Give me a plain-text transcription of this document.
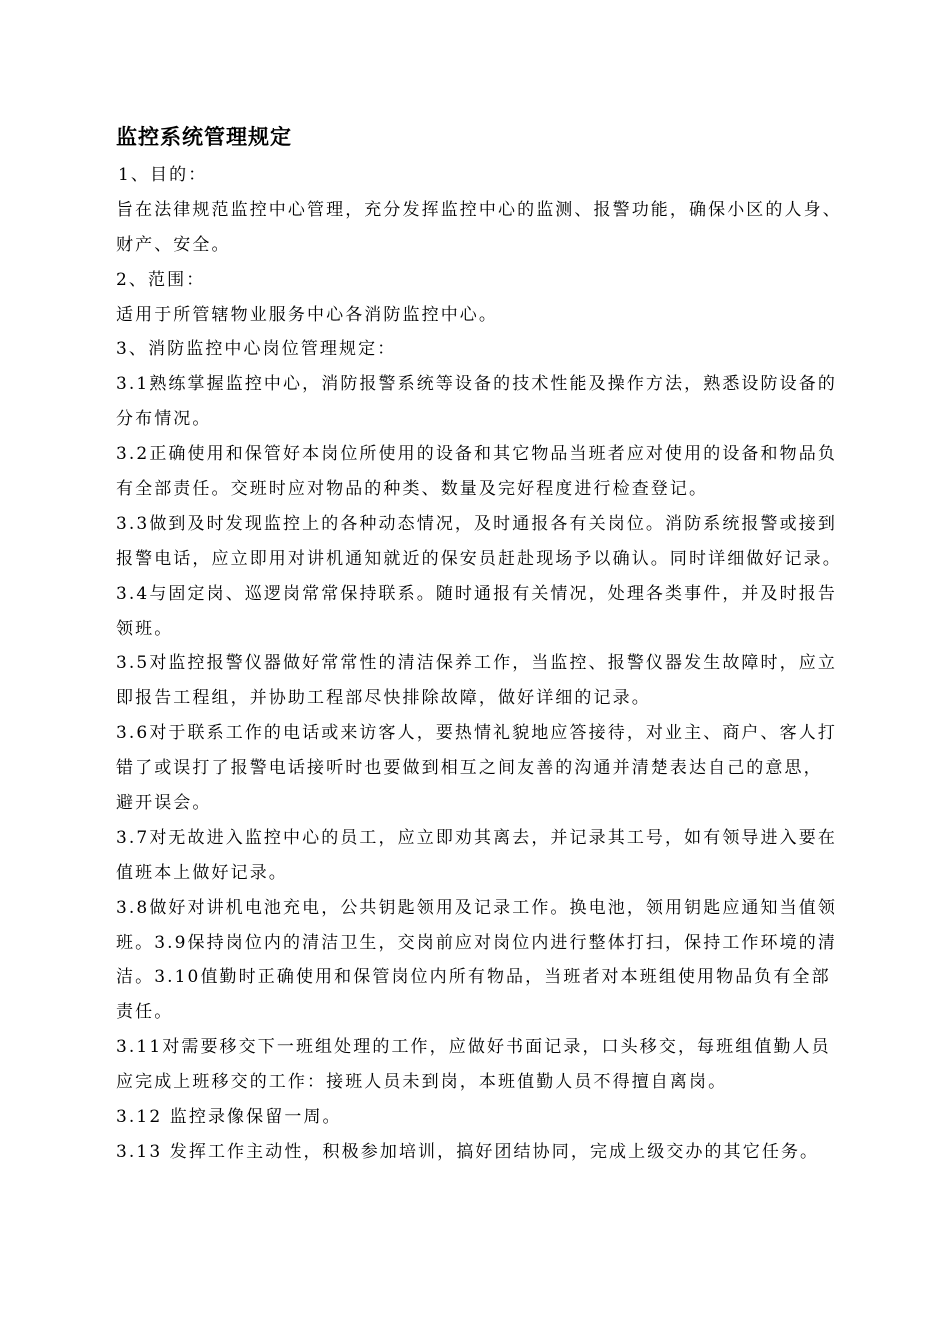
监控系统管理规定
1、目的：
旨在法律规范监控中心管理，充分发挥监控中心的监测、报警功能，确保小区的人身、
财产、安全。
2、范围：
适用于所管辖物业服务中心各消防监控中心。
3、消防监控中心岗位管理规定：
3.1熟练掌握监控中心，消防报警系统等设备的技术性能及操作方法，熟悉设防设备的
分布情况。
3.2正确使用和保管好本岗位所使用的设备和其它物品当班者应对使用的设备和物品负
有全部责任。交班时应对物品的种类、数量及完好程度进行检查登记。
3.3做到及时发现监控上的各种动态情况，及时通报各有关岗位。消防系统报警或接到
报警电话，应立即用对讲机通知就近的保安员赶赴现场予以确认。同时详细做好记录。
3.4与固定岗、巡逻岗常常保持联系。随时通报有关情况，处理各类事件，并及时报告
领班。
3.5对监控报警仪器做好常常性的清洁保养工作，当监控、报警仪器发生故障时，应立
即报告工程组，并协助工程部尽快排除故障，做好详细的记录。
3.6对于联系工作的电话或来访客人，要热情礼貌地应答接待，对业主、商户、客人打
错了或误打了报警电话接听时也要做到相互之间友善的沟通并清楚表达自己的意思，
避开误会。
3.7对无故进入监控中心的员工，应立即劝其离去，并记录其工号，如有领导进入要在
值班本上做好记录。
3.8做好对讲机电池充电，公共钥匙领用及记录工作。换电池，领用钥匙应通知当值领
班。3.9保持岗位内的清洁卫生，交岗前应对岗位内进行整体打扫，保持工作环境的清
洁。3.10值勤时正确使用和保管岗位内所有物品，当班者对本班组使用物品负有全部
责任。
3.11对需要移交下一班组处理的工作，应做好书面记录，口头移交，每班组值勤人员
应完成上班移交的工作：接班人员未到岗，本班值勤人员不得擅自离岗。
3.12 监控录像保留一周。
3.13 发挥工作主动性，积极参加培训，搞好团结协同，完成上级交办的其它任务。
